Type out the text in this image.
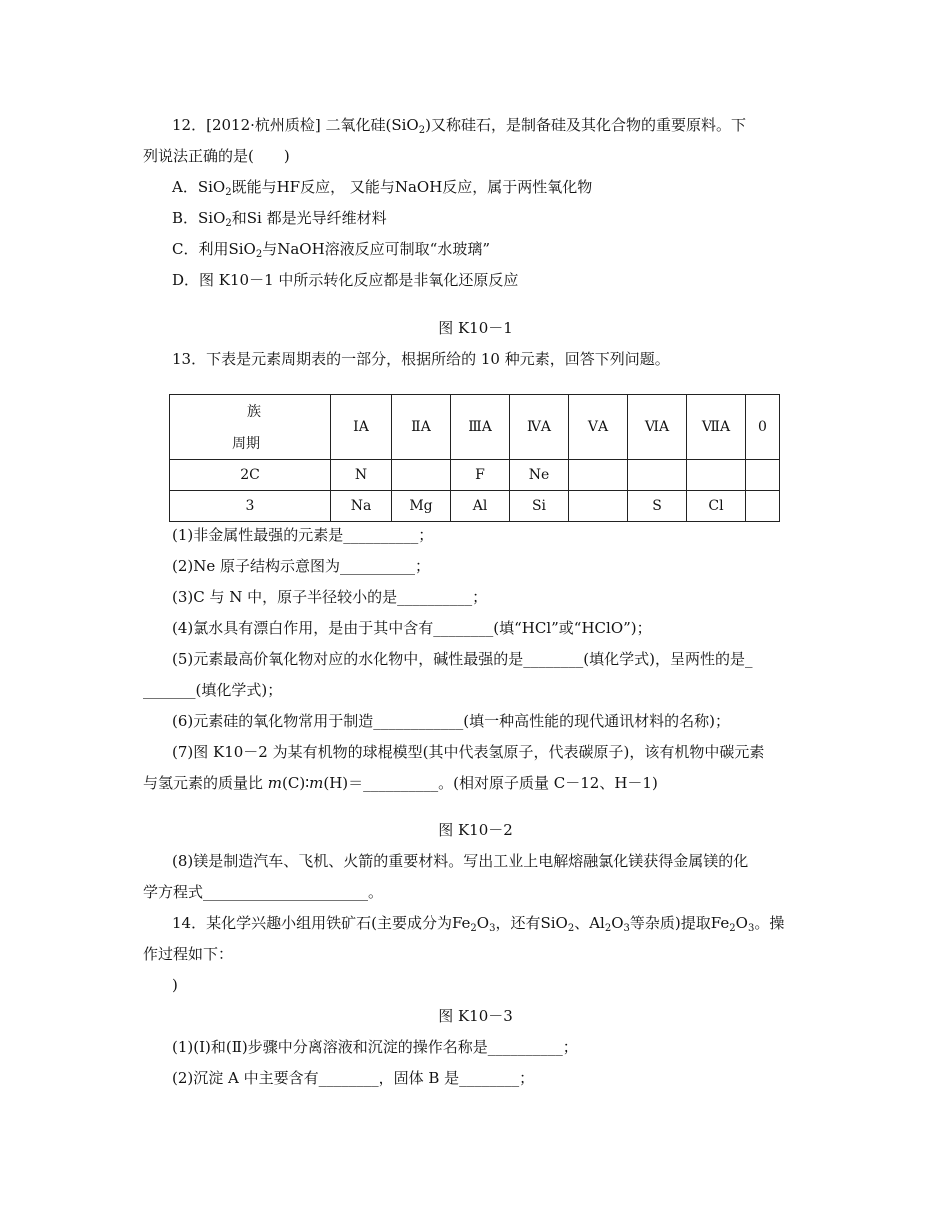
12．[2012·杭州质检] 二氧化硅(SiO$_2$)又称硅石，是制备硅及其化合物的重要原料。下
列说法正确的是(　　)
A．SiO$_2$既能与HF反应， 又能与NaOH反应，属于两性氧化物
B．SiO$_2$和Si 都是光导纤维材料
C．利用SiO$_2$与NaOH溶液反应可制取“水玻璃”
D．图 K10－1 中所示转化反应都是非氧化还原反应
图 K10－1
13．下表是元素周期表的一部分，根据所给的 10 种元素，回答下列问题。
族
周期	ⅠA	ⅡA	ⅢA	ⅣA	ⅤA	ⅥA	ⅦA	0
2C	N		F	Ne				
3	Na	Mg	Al	Si		S	Cl	
(1)非金属性最强的元素是__________；
(2)Ne 原子结构示意图为__________；
(3)C 与 N 中，原子半径较小的是__________；
(4)氯水具有漂白作用，是由于其中含有________(填“HCl”或“HClO”)；
(5)元素最高价氧化物对应的水化物中，碱性最强的是________(填化学式)，呈两性的是_
_______(填化学式)；
(6)元素硅的氧化物常用于制造____________(填一种高性能的现代通讯材料的名称)；
(7)图 K10－2 为某有机物的球棍模型(其中代表氢原子，代表碳原子)，该有机物中碳元素
与氢元素的质量比 m(C)∶m(H)＝__________。(相对原子质量 C－12、H－1)
图 K10－2
(8)镁是制造汽车、飞机、火箭的重要材料。写出工业上电解熔融氯化镁获得金属镁的化
学方程式______________________。
14．某化学兴趣小组用铁矿石(主要成分为$Fe_2O_3$，还有SiO$_2$、$Al_2O_3$等杂质)提取$Fe_2O_3$。操
作过程如下：
)
图 K10－3
(1)(Ⅰ)和(Ⅱ)步骤中分离溶液和沉淀的操作名称是__________；
(2)沉淀 A 中主要含有________，固体 B 是________；
